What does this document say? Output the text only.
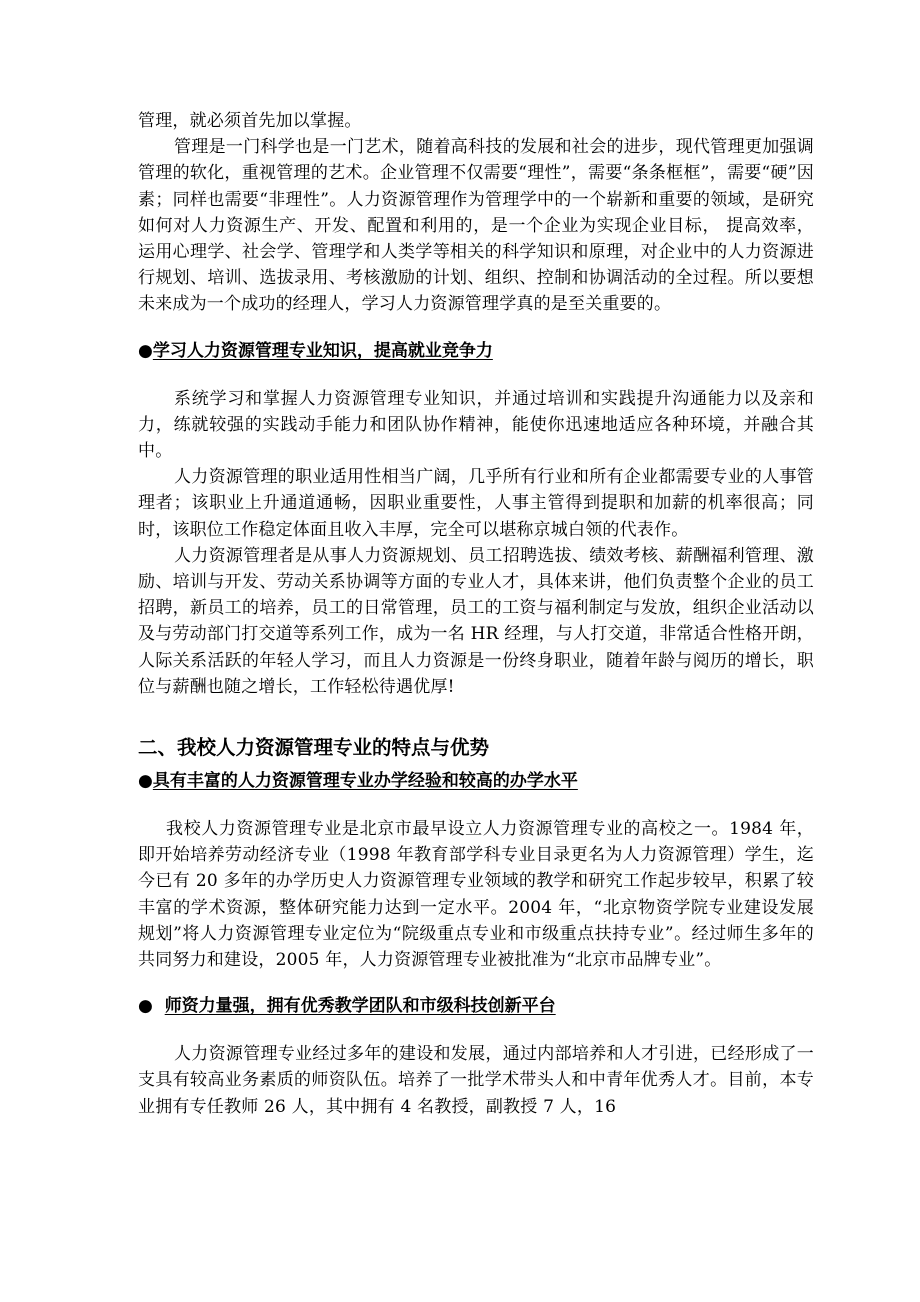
管理，就必须首先加以掌握。

管理是一门科学也是一门艺术，随着高科技的发展和社会的进步，现代管理更加强调管理的软化，重视管理的艺术。企业管理不仅需要“理性”，需要“条条框框”，需要“硬”因素；同样也需要“非理性”。人力资源管理作为管理学中的一个崭新和重要的领域，是研究如何对人力资源生产、开发、配置和利用的，是一个企业为实现企业目标， 提高效率， 运用心理学、社会学、管理学和人类学等相关的科学知识和原理，对企业中的人力资源进行规划、培训、选拔录用、考核激励的计划、组织、控制和协调活动的全过程。所以要想未来成为一个成功的经理人，学习人力资源管理学真的是至关重要的。

●学习人力资源管理专业知识，提高就业竞争力

系统学习和掌握人力资源管理专业知识，并通过培训和实践提升沟通能力以及亲和力，练就较强的实践动手能力和团队协作精神，能使你迅速地适应各种环境，并融合其中。

人力资源管理的职业适用性相当广阔，几乎所有行业和所有企业都需要专业的人事管理者；该职业上升通道通畅，因职业重要性，人事主管得到提职和加薪的机率很高；同时，该职位工作稳定体面且收入丰厚，完全可以堪称京城白领的代表作。

人力资源管理者是从事人力资源规划、员工招聘选拔、绩效考核、薪酬福利管理、激励、培训与开发、劳动关系协调等方面的专业人才，具体来讲，他们负责整个企业的员工招聘，新员工的培养，员工的日常管理，员工的工资与福利制定与发放，组织企业活动以及与劳动部门打交道等系列工作，成为一名 HR 经理，与人打交道，非常适合性格开朗，人际关系活跃的年轻人学习，而且人力资源是一份终身职业，随着年龄与阅历的增长，职位与薪酬也随之增长，工作轻松待遇优厚!

二、我校人力资源管理专业的特点与优势
●具有丰富的人力资源管理专业办学经验和较高的办学水平

我校人力资源管理专业是北京市最早设立人力资源管理专业的高校之一。1984 年，即开始培养劳动经济专业（1998 年教育部学科专业目录更名为人力资源管理）学生，迄今已有 20 多年的办学历史人力资源管理专业领域的教学和研究工作起步较早，积累了较丰富的学术资源，整体研究能力达到一定水平。2004 年，“北京物资学院专业建设发展规划”将人力资源管理专业定位为“院级重点专业和市级重点扶持专业”。经过师生多年的共同努力和建设，2005 年，人力资源管理专业被批准为“北京市品牌专业”。

● 师资力量强，拥有优秀教学团队和市级科技创新平台

人力资源管理专业经过多年的建设和发展，通过内部培养和人才引进，已经形成了一支具有较高业务素质的师资队伍。培养了一批学术带头人和中青年优秀人才。目前，本专业拥有专任教师 26 人，其中拥有 4 名教授，副教授 7 人，16
